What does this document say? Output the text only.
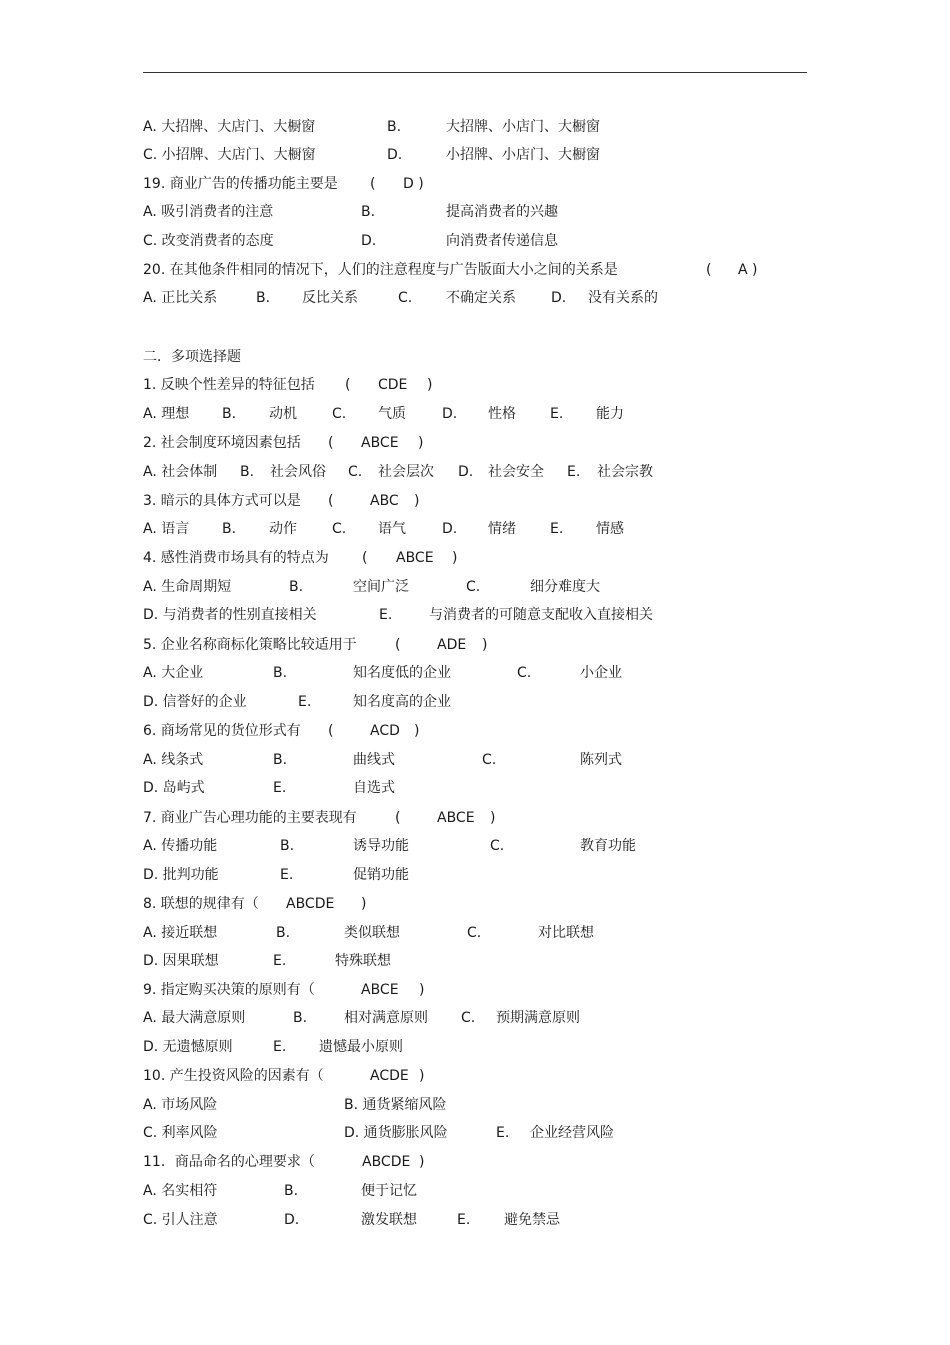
A. 大招牌、大店门、大橱窗	B.	大招牌、小店门、大橱窗
C. 小招牌、大店门、大橱窗	D.	小招牌、小店门、大橱窗
19. 商业广告的传播功能主要是 ( D )
A. 吸引消费者的注意	B.	提高消费者的兴趣
C. 改变消费者的态度	D.	向消费者传递信息
20. 在其他条件相同的情况下，人们的注意程度与广告版面大小之间的关系是	( A )
A. 正比关系	B. 反比关系	C. 不确定关系	D. 没有关系的
二．多项选择题
1. 反映个性差异的特征包括 ( CDE )
A. 理想 B. 动机	C. 气质	D. 性格 E. 能力
2. 社会制度环境因素包括 ( ABCE )
A. 社会体制 B. 社会风俗 C. 社会层次 D. 社会安全 E. 社会宗教
3. 暗示的具体方式可以是 (	ABC )
A. 语言 B. 动作	C. 语气	D. 情绪 E. 情感
4. 感性消费市场具有的特点为 ( ABCE )
A. 生命周期短	B.	空间广泛	C.	细分难度大
D. 与消费者的性别直接相关	E.	与消费者的可随意支配收入直接相关
5. 企业名称商标化策略比较适用于	(	ADE )
A. 大企业	B.	知名度低的企业	C.	小企业
D. 信誉好的企业	E.	知名度高的企业
6. 商场常见的货位形式有 (	ACD )
A. 线条式	B.	曲线式	C.	陈列式
D. 岛屿式	E.	自选式
7. 商业广告心理功能的主要表现有	(	ABCE )
A. 传播功能	B.	诱导功能	C.	教育功能
D. 批判功能	E.	促销功能
8. 联想的规律有（ ABCDE )
A. 接近联想	B.	类似联想	C.	对比联想
D. 因果联想	E.	特殊联想
9. 指定购买决策的原则有（	ABCE )
A. 最大满意原则	B.	相对满意原则 C. 预期满意原则
D. 无遗憾原则	E. 遗憾最小原则
10. 产生投资风险的因素有（	ACDE )
A. 市场风险	B. 通货紧缩风险
C. 利率风险	D. 通货膨胀风险	E. 企业经营风险
11．商品命名的心理要求（	ABCDE )
A. 名实相符	B.	便于记忆
C. 引人注意	D.	激发联想	E. 避免禁忌
